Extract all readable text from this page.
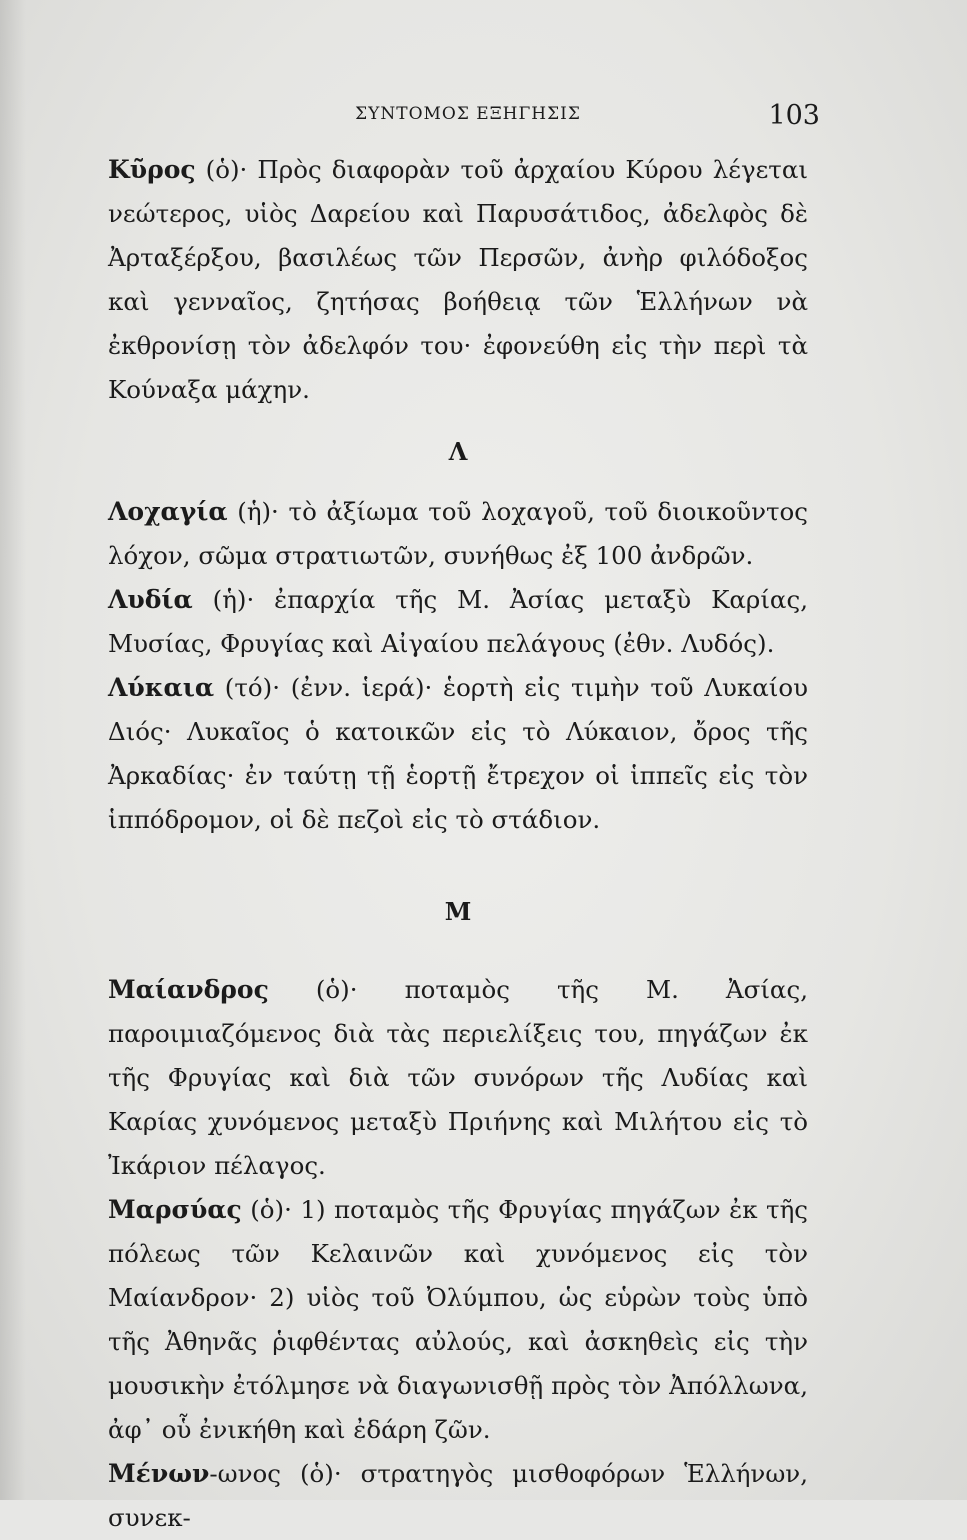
ΣΥΝΤΟΜΟΣ ΕΞΗΓΗΣΙΣ	103

Κῦρος (ὁ)· Πρὸς διαφορὰν τοῦ ἀρχαίου Κύρου λέγεται νεώτερος, υἱὸς Δαρείου καὶ Παρυσάτιδος, ἀδελφὸς δὲ Ἀρταξέρξου, βασιλέως τῶν Περσῶν, ἀνὴρ φιλόδοξος καὶ γενναῖος, ζητήσας βοήθειᾳ τῶν Ἑλλήνων νὰ ἐκθρονίσῃ τὸν ἀδελφόν του· ἐφονεύθη εἰς τὴν περὶ τὰ Κούναξα μάχην.

Λ

Λοχαγία (ἡ)· τὸ ἀξίωμα τοῦ λοχαγοῦ, τοῦ διοικοῦντος λόχον, σῶμα στρατιωτῶν, συνήθως ἐξ 100 ἀνδρῶν.

Λυδία (ἡ)· ἐπαρχία τῆς Μ. Ἀσίας μεταξὺ Καρίας, Μυσίας, Φρυγίας καὶ Αἰγαίου πελάγους (ἐθν. Λυδός).

Λύκαια (τό)· (ἐνν. ἱερά)· ἑορτὴ εἰς τιμὴν τοῦ Λυκαίου Διός· Λυκαῖος ὁ κατοικῶν εἰς τὸ Λύκαιον, ὄρος τῆς Ἀρκαδίας· ἐν ταύτῃ τῇ ἑορτῇ ἔτρεχον οἱ ἱππεῖς εἰς τὸν ἱππόδρομον, οἱ δὲ πεζοὶ εἰς τὸ στάδιον.

Μ

Μαίανδρος (ὁ)· ποταμὸς τῆς Μ. Ἀσίας, παροιμιαζόμενος διὰ τὰς περιελίξεις του, πηγάζων ἐκ τῆς Φρυγίας καὶ διὰ τῶν συνόρων τῆς Λυδίας καὶ Καρίας χυνόμενος μεταξὺ Πριήνης καὶ Μιλήτου εἰς τὸ Ἰκάριον πέλαγος.

Μαρσύας (ὁ)· 1) ποταμὸς τῆς Φρυγίας πηγάζων ἐκ τῆς πόλεως τῶν Κελαινῶν καὶ χυνόμενος εἰς τὸν Μαίανδρον· 2) υἱὸς τοῦ Ὀλύμπου, ὡς εὑρὼν τοὺς ὑπὸ τῆς Ἀθηνᾶς ῥιφθέντας αὐλούς, καὶ ἀσκηθεὶς εἰς τὴν μουσικὴν ἐτόλμησε νὰ διαγωνισθῇ πρὸς τὸν Ἀπόλλωνα, ἀφ᾽ οὗ ἐνικήθη καὶ ἐδάρη ζῶν.

Μένων-ωνος (ὁ)· στρατηγὸς μισθοφόρων Ἑλλήνων, συνεκ-
